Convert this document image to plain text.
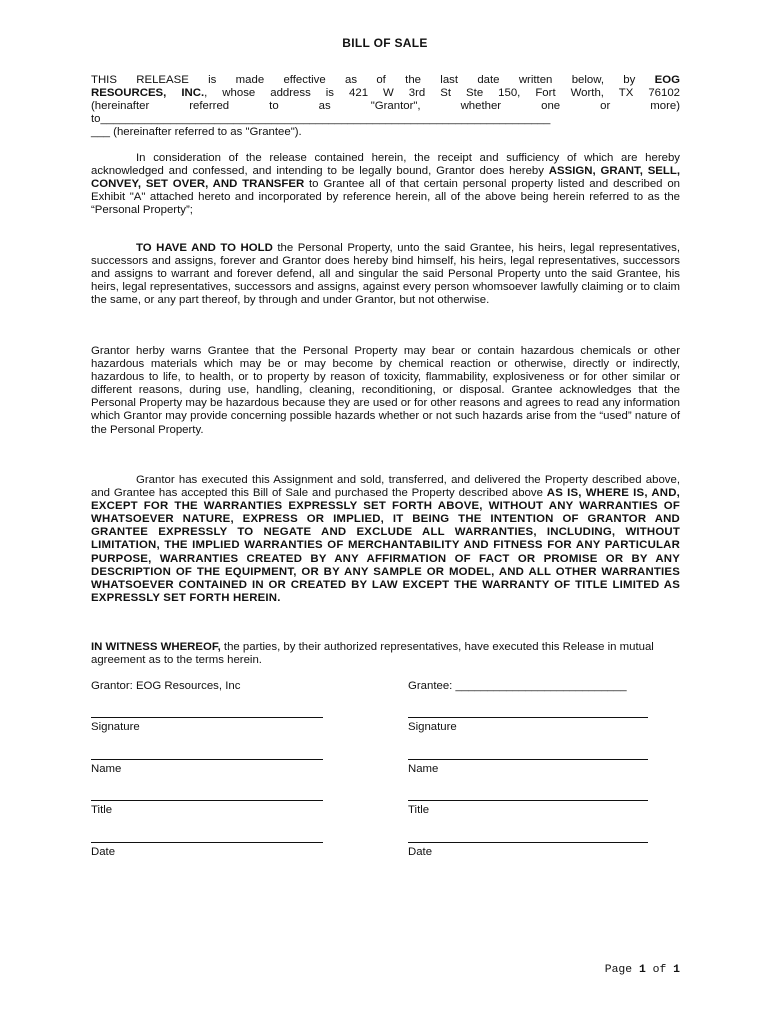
BILL OF SALE

THIS RELEASE is made effective as of the last date written below, by EOG

RESOURCES, INC., whose address is 421 W 3rd St Ste 150, Fort Worth, TX 76102

(hereinafter referred to as "Grantor", whether one or more)

to_______________________________________________________________________

___ (hereinafter referred to as "Grantee").

In consideration of the release contained herein, the receipt and sufficiency of which are hereby acknowledged and confessed, and intending to be legally bound, Grantor does hereby ASSIGN, GRANT, SELL, CONVEY, SET OVER, AND TRANSFER to Grantee all of that certain personal property listed and described on Exhibit "A" attached hereto and incorporated by reference herein, all of the above being herein referred to as the “Personal Property”;

TO HAVE AND TO HOLD the Personal Property, unto the said Grantee, his heirs, legal representatives, successors and assigns, forever and Grantor does hereby bind himself, his heirs, legal representatives, successors and assigns to warrant and forever defend, all and singular the said Personal Property unto the said Grantee, his heirs, legal representatives, successors and assigns, against every person whomsoever lawfully claiming or to claim the same, or any part thereof, by through and under Grantor, but not otherwise.

Grantor herby warns Grantee that the Personal Property may bear or contain hazardous chemicals or other hazardous materials which may be or may become by chemical reaction or otherwise, directly or indirectly, hazardous to life, to health, or to property by reason of toxicity, flammability, explosiveness or for other similar or different reasons, during use, handling, cleaning, reconditioning, or disposal. Grantee acknowledges that the Personal Property may be hazardous because they are used or for other reasons and agrees to read any information which Grantor may provide concerning possible hazards whether or not such hazards arise from the “used” nature of the Personal Property.

Grantor has executed this Assignment and sold, transferred, and delivered the Property described above, and Grantee has accepted this Bill of Sale and purchased the Property described above AS IS, WHERE IS, AND, EXCEPT FOR THE WARRANTIES EXPRESSLY SET FORTH ABOVE, WITHOUT ANY WARRANTIES OF WHATSOEVER NATURE, EXPRESS OR IMPLIED, IT BEING THE INTENTION OF GRANTOR AND GRANTEE EXPRESSLY TO NEGATE AND EXCLUDE ALL WARRANTIES, INCLUDING, WITHOUT LIMITATION, THE IMPLIED WARRANTIES OF MERCHANTABILITY AND FITNESS FOR ANY PARTICULAR PURPOSE, WARRANTIES CREATED BY ANY AFFIRMATION OF FACT OR PROMISE OR BY ANY DESCRIPTION OF THE EQUIPMENT, OR BY ANY SAMPLE OR MODEL, AND ALL OTHER WARRANTIES WHATSOEVER CONTAINED IN OR CREATED BY LAW EXCEPT THE WARRANTY OF TITLE LIMITED AS EXPRESSLY SET FORTH HEREIN.

IN WITNESS WHEREOF, the parties, by their authorized representatives, have executed this Release in mutual agreement as to the terms herein.

Grantor: EOG Resources, Inc
Signature
Name
Title
Date
Grantee: ___________________________
Signature
Name
Title
Date
Page 1 of 1
